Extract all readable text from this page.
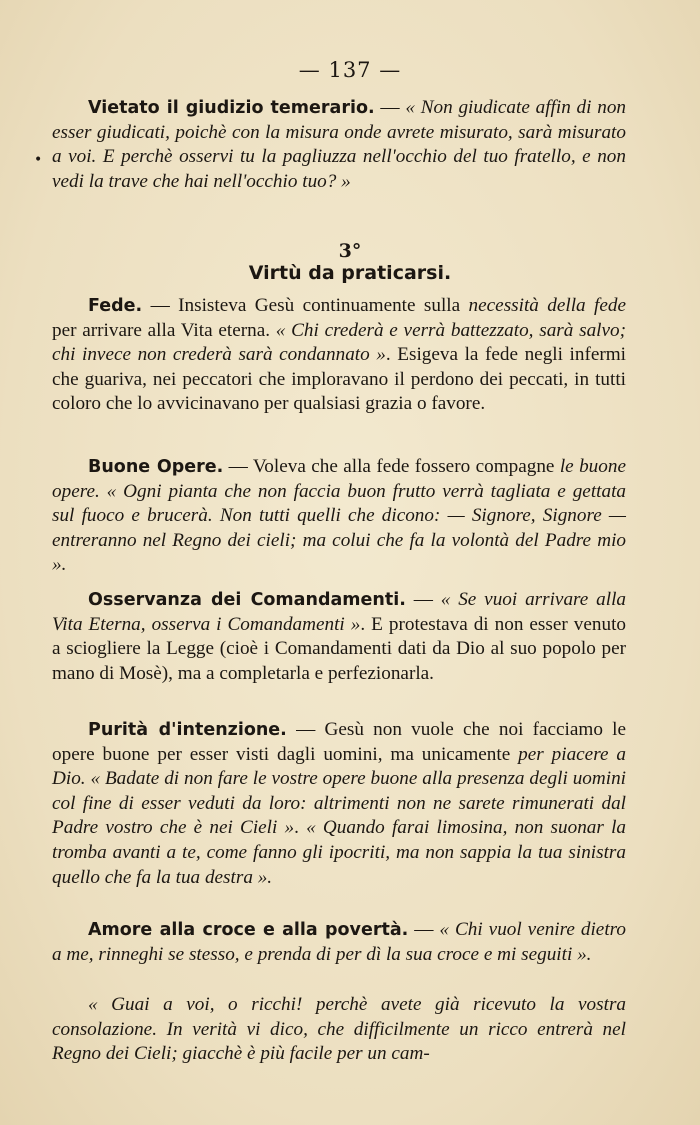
— 137 —
•

Vietato il giudizio temerario. — « Non giudicate affin di non esser giudicati, poichè con la misura onde avrete misurato, sarà misurato a voi. E perchè osservi tu la pagliuzza nell'occhio del tuo fratello, e non vedi la trave che hai nell'occhio tuo? »

3°
Virtù da praticarsi.

Fede. — Insisteva Gesù continuamente sulla necessità della fede per arrivare alla Vita eterna. « Chi crederà e verrà battezzato, sarà salvo; chi invece non crederà sarà condannato ». Esigeva la fede negli infermi che guariva, nei peccatori che imploravano il perdono dei peccati, in tutti coloro che lo avvicinavano per qualsiasi grazia o favore.

Buone Opere. — Voleva che alla fede fossero compagne le buone opere. « Ogni pianta che non faccia buon frutto verrà tagliata e gettata sul fuoco e brucerà. Non tutti quelli che dicono: — Signore, Signore — entreranno nel Regno dei cieli; ma colui che fa la volontà del Padre mio ».

Osservanza dei Comandamenti. — « Se vuoi arrivare alla Vita Eterna, osserva i Comandamenti ». E protestava di non esser venuto a sciogliere la Legge (cioè i Comandamenti dati da Dio al suo popolo per mano di Mosè), ma a completarla e perfezionarla.

Purità d'intenzione. — Gesù non vuole che noi facciamo le opere buone per esser visti dagli uomini, ma unicamente per piacere a Dio. « Badate di non fare le vostre opere buone alla presenza degli uomini col fine di esser veduti da loro: altrimenti non ne sarete rimunerati dal Padre vostro che è nei Cieli ». « Quando farai limosina, non suonar la tromba avanti a te, come fanno gli ipocriti, ma non sappia la tua sinistra quello che fa la tua destra ».

Amore alla croce e alla povertà. — « Chi vuol venire dietro a me, rinneghi se stesso, e prenda di per dì la sua croce e mi seguiti ».

« Guai a voi, o ricchi! perchè avete già ricevuto la vostra consolazione. In verità vi dico, che difficilmente un ricco entrerà nel Regno dei Cieli; giacchè è più facile per un cam-
